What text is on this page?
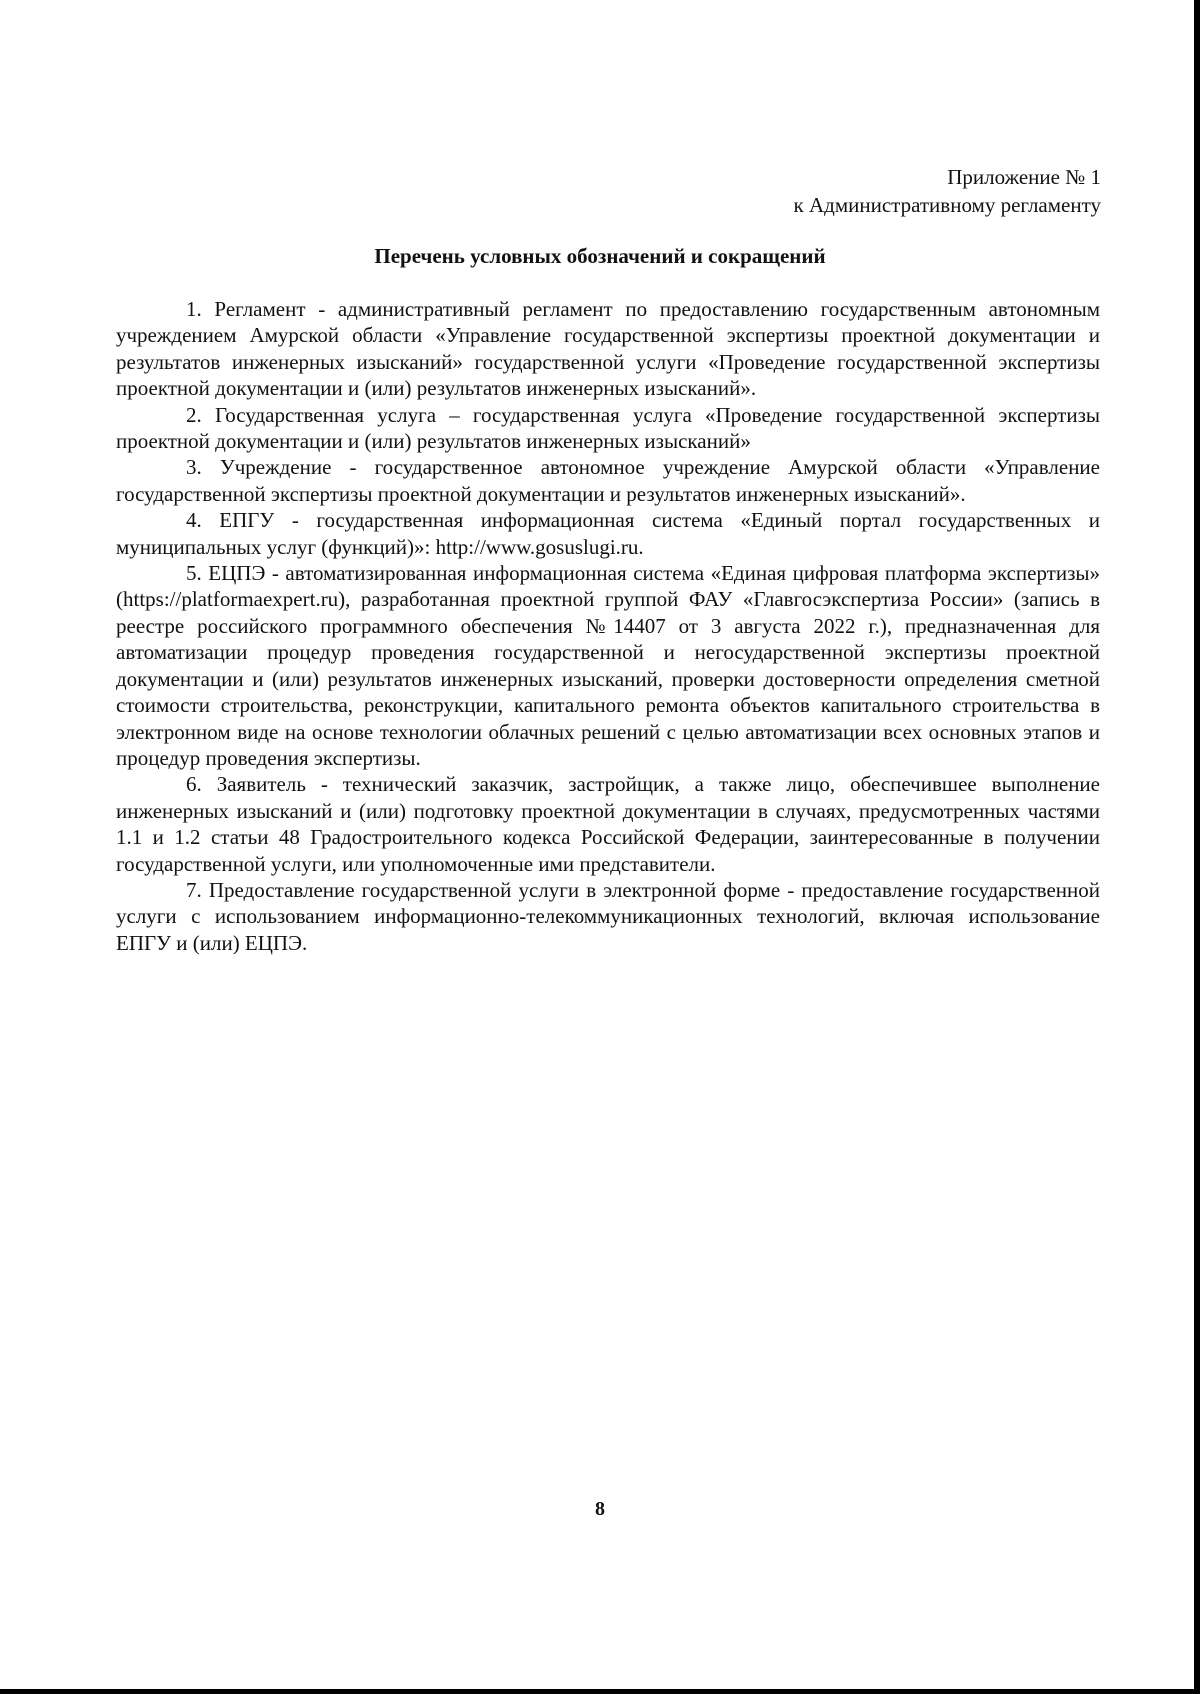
Приложение № 1
к Административному регламенту
Перечень условных обозначений и сокращений

1. Регламент - административный регламент по предоставлению государственным автономным учреждением Амурской области «Управление государственной экспертизы проектной документации и результатов инженерных изысканий» государственной услуги «Проведение государственной экспертизы проектной документации и (или) результатов инженерных изысканий».

2. Государственная услуга – государственная услуга «Проведение государственной экспертизы проектной документации и (или) результатов инженерных изысканий»

3. Учреждение - государственное автономное учреждение Амурской области «Управление государственной экспертизы проектной документации и результатов инженерных изысканий».

4. ЕПГУ - государственная информационная система «Единый портал государственных и муниципальных услуг (функций)»: http://www.gosuslugi.ru.

5. ЕЦПЭ - автоматизированная информационная система «Единая цифровая платформа экспертизы» (https://platformaexpert.ru), разработанная проектной группой ФАУ «Главгосэкспертиза России» (запись в реестре российского программного обеспечения №14407 от 3 августа 2022 г.), предназначенная для автоматизации процедур проведения государственной и негосударственной экспертизы проектной документации и (или) результатов инженерных изысканий, проверки достоверности определения сметной стоимости строительства, реконструкции, капитального ремонта объектов капитального строительства в электронном виде на основе технологии облачных решений с целью автоматизации всех основных этапов и процедур проведения экспертизы.

6. Заявитель - технический заказчик, застройщик, а также лицо, обеспечившее выполнение инженерных изысканий и (или) подготовку проектной документации в случаях, предусмотренных частями 1.1 и 1.2 статьи 48 Градостроительного кодекса Российской Федерации, заинтересованные в получении государственной услуги, или уполномоченные ими представители.

7. Предоставление государственной услуги в электронной форме - предоставление государственной услуги с использованием информационно-телекоммуникационных технологий, включая использование ЕПГУ и (или) ЕЦПЭ.

8
